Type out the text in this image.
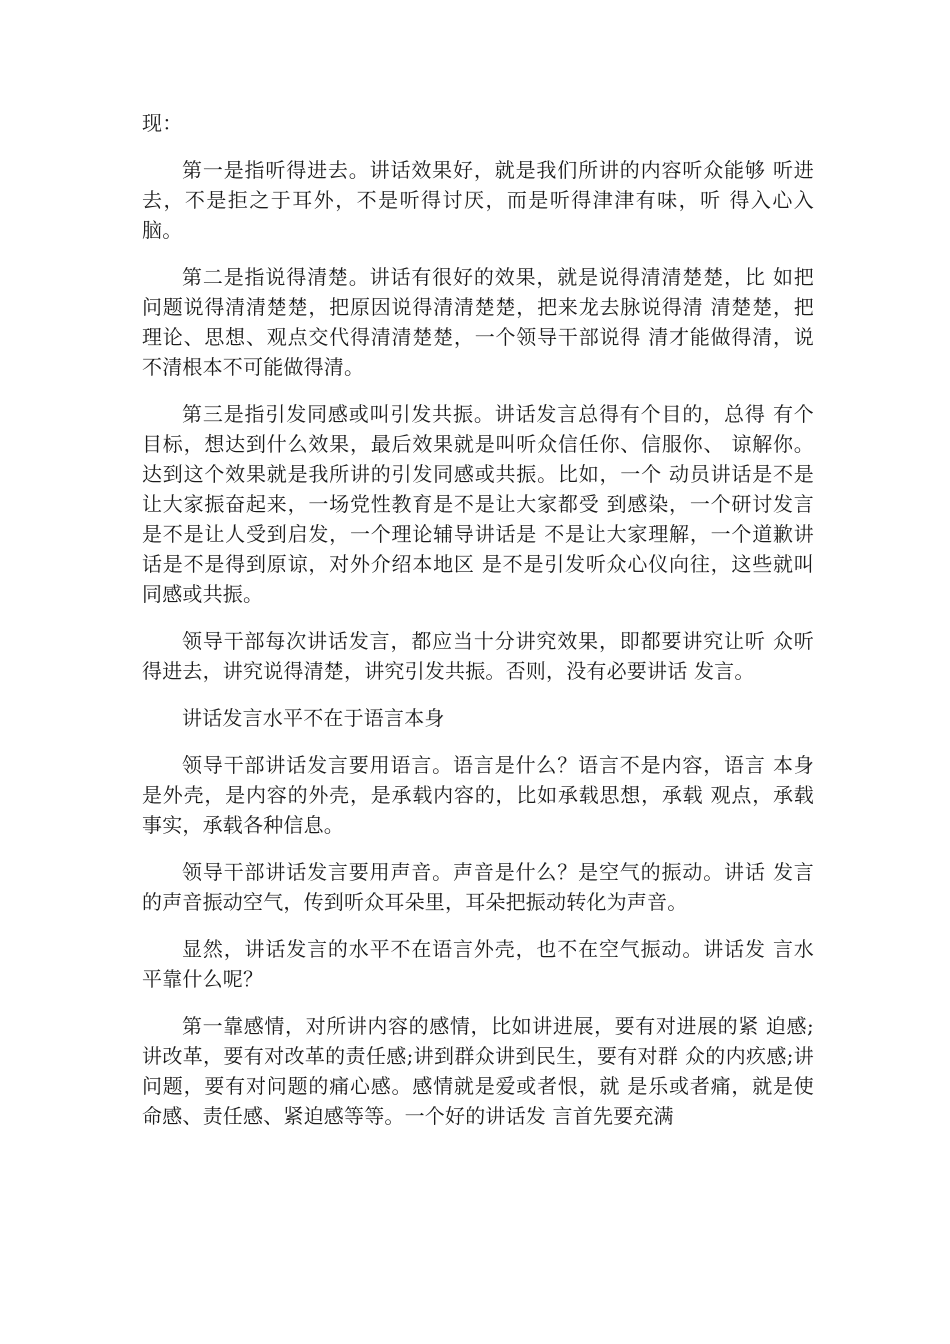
现：

第一是指听得进去。讲话效果好，就是我们所讲的内容听众能够 听进去，不是拒之于耳外，不是听得讨厌，而是听得津津有味，听 得入心入脑。

第二是指说得清楚。讲话有很好的效果，就是说得清清楚楚，比 如把问题说得清清楚楚，把原因说得清清楚楚，把来龙去脉说得清 清楚楚，把理论、思想、观点交代得清清楚楚，一个领导干部说得 清才能做得清，说不清根本不可能做得清。

第三是指引发同感或叫引发共振。讲话发言总得有个目的，总得 有个目标，想达到什么效果，最后效果就是叫听众信任你、信服你、 谅解你。达到这个效果就是我所讲的引发同感或共振。比如，一个 动员讲话是不是让大家振奋起来，一场党性教育是不是让大家都受 到感染，一个研讨发言是不是让人受到启发，一个理论辅导讲话是 不是让大家理解，一个道歉讲话是不是得到原谅，对外介绍本地区 是不是引发听众心仪向往，这些就叫同感或共振。

领导干部每次讲话发言，都应当十分讲究效果，即都要讲究让听 众听得进去，讲究说得清楚，讲究引发共振。否则，没有必要讲话 发言。

讲话发言水平不在于语言本身

领导干部讲话发言要用语言。语言是什么？语言不是内容，语言 本身是外壳，是内容的外壳，是承载内容的，比如承载思想，承载 观点，承载事实，承载各种信息。

领导干部讲话发言要用声音。声音是什么？是空气的振动。讲话 发言的声音振动空气，传到听众耳朵里，耳朵把振动转化为声音。

显然，讲话发言的水平不在语言外壳，也不在空气振动。讲话发 言水平靠什么呢？

第一靠感情，对所讲内容的感情，比如讲进展，要有对进展的紧 迫感;讲改革，要有对改革的责任感;讲到群众讲到民生，要有对群 众的内疚感;讲问题，要有对问题的痛心感。感情就是爱或者恨，就 是乐或者痛，就是使命感、责任感、紧迫感等等。一个好的讲话发 言首先要充满
